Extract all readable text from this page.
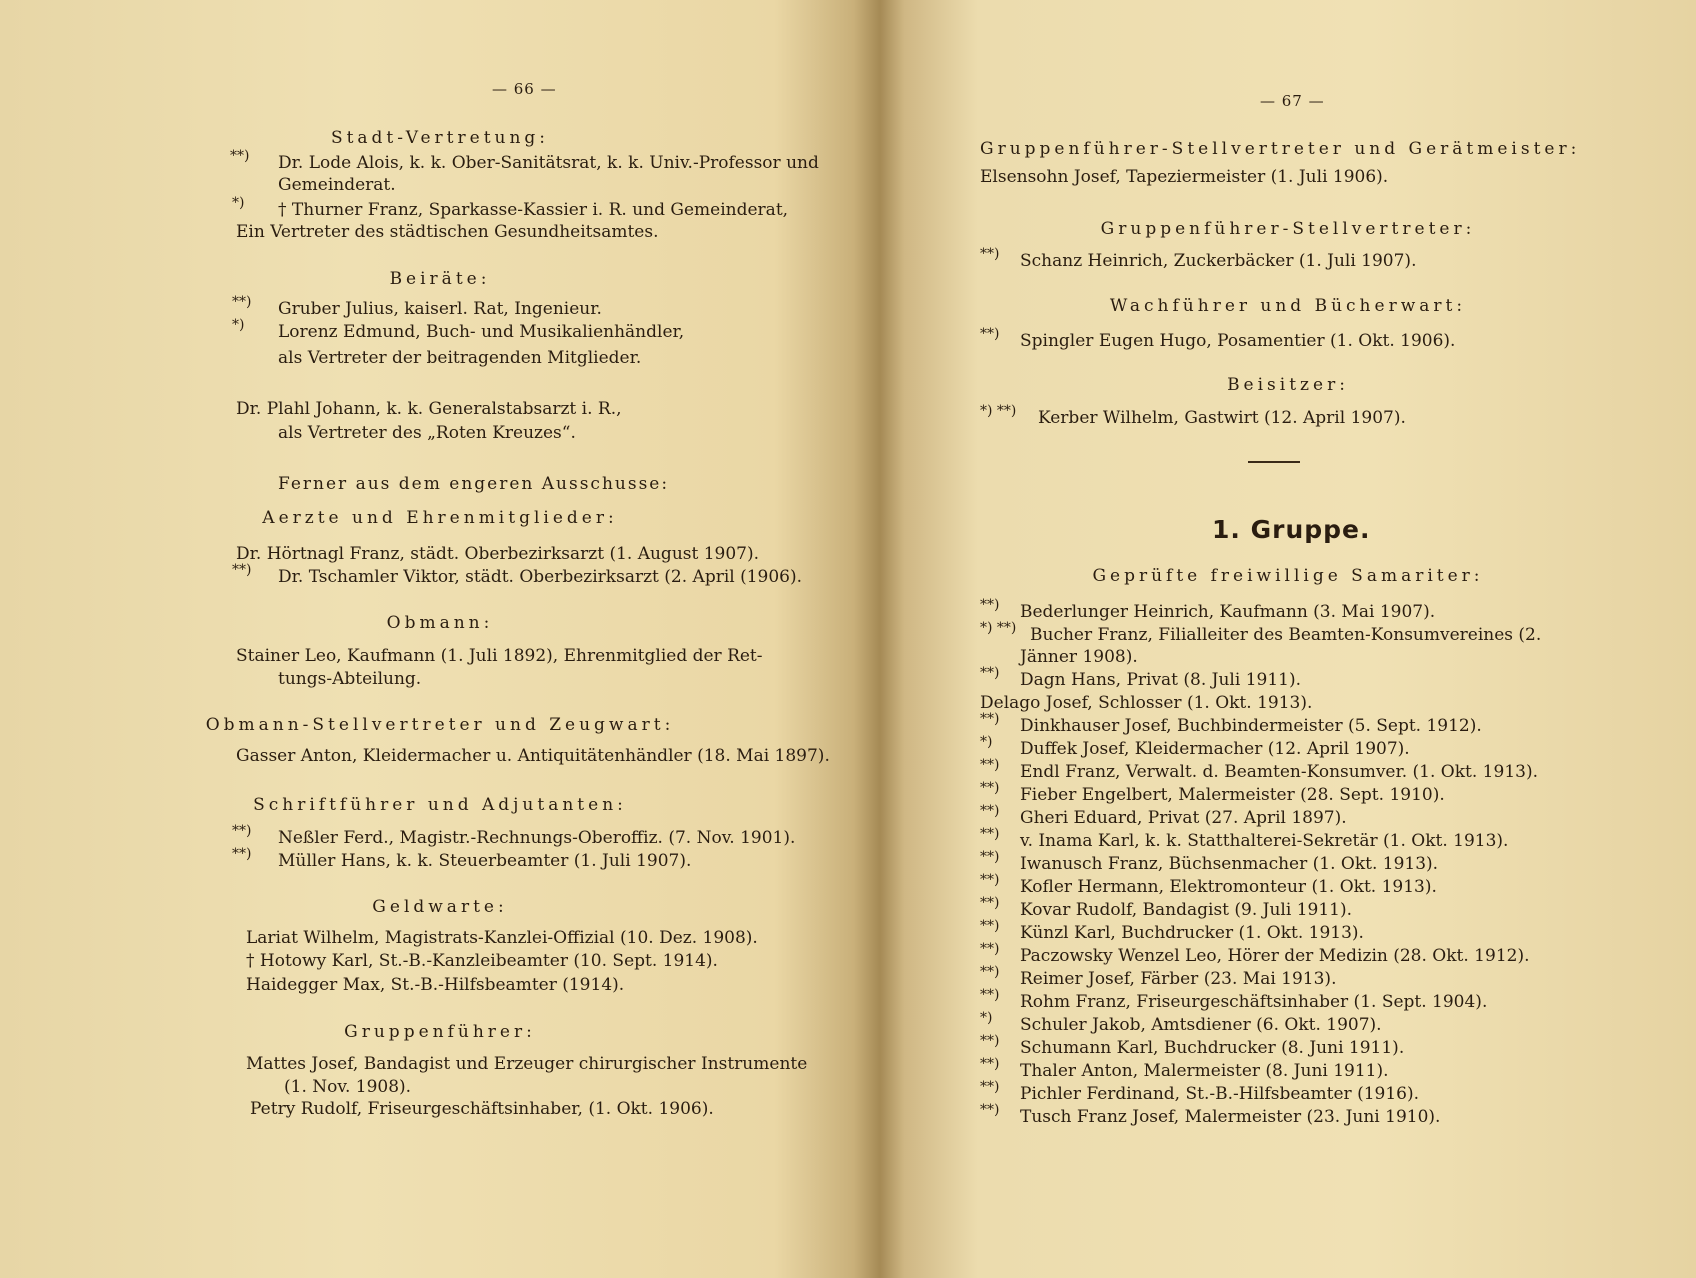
— 66 —
Stadt-Vertretung:
**) Dr. Lode Alois, k. k. Ober-Sanitätsrat, k. k. Univ.-Professor und
Gemeinderat.
*) † Thurner Franz, Sparkasse-Kassier i. R. und Gemeinderat,
Ein Vertreter des städtischen Gesundheitsamtes.
Beiräte:
**) Gruber Julius, kaiserl. Rat, Ingenieur.
*) Lorenz Edmund, Buch- und Musikalienhändler,
als Vertreter der beitragenden Mitglieder.
Dr. Plahl Johann, k. k. Generalstabsarzt i. R.,
als Vertreter des „Roten Kreuzes“.
Ferner aus dem engeren Ausschusse:
Aerzte und Ehrenmitglieder:
Dr. Hörtnagl Franz, städt. Oberbezirksarzt (1. August 1907).
**) Dr. Tschamler Viktor, städt. Oberbezirksarzt (2. April (1906).
Obmann:
Stainer Leo, Kaufmann (1. Juli 1892), Ehrenmitglied der Ret-
tungs-Abteilung.
Obmann-Stellvertreter und Zeugwart:
Gasser Anton, Kleidermacher u. Antiquitätenhändler (18. Mai 1897).
Schriftführer und Adjutanten:
**) Neßler Ferd., Magistr.-Rechnungs-Oberoffiz. (7. Nov. 1901).
**) Müller Hans, k. k. Steuerbeamter (1. Juli 1907).
Geldwarte:
Lariat Wilhelm, Magistrats-Kanzlei-Offizial (10. Dez. 1908).
† Hotowy Karl, St.-B.-Kanzleibeamter (10. Sept. 1914).
Haidegger Max, St.-B.-Hilfsbeamter (1914).
Gruppenführer:
Mattes Josef, Bandagist und Erzeuger chirurgischer Instrumente
(1. Nov. 1908).
Petry Rudolf, Friseurgeschäftsinhaber, (1. Okt. 1906).
— 67 —
Gruppenführer-Stellvertreter und Gerätmeister:
Elsensohn Josef, Tapeziermeister (1. Juli 1906).
Gruppenführer-Stellvertreter:
**) Schanz Heinrich, Zuckerbäcker (1. Juli 1907).
Wachführer und Bücherwart:
**) Spingler Eugen Hugo, Posamentier (1. Okt. 1906).
Beisitzer:
*) **) Kerber Wilhelm, Gastwirt (12. April 1907).
1. Gruppe.
Geprüfte freiwillige Samariter:
**) Bederlunger Heinrich, Kaufmann (3. Mai 1907).
*) **) Bucher Franz, Filialleiter des Beamten-Konsumvereines (2.
Jänner 1908).
**) Dagn Hans, Privat (8. Juli 1911).
Delago Josef, Schlosser (1. Okt. 1913).
**) Dinkhauser Josef, Buchbindermeister (5. Sept. 1912).
*) Duffek Josef, Kleidermacher (12. April 1907).
**) Endl Franz, Verwalt. d. Beamten-Konsumver. (1. Okt. 1913).
**) Fieber Engelbert, Malermeister (28. Sept. 1910).
**) Gheri Eduard, Privat (27. April 1897).
**) v. Inama Karl, k. k. Statthalterei-Sekretär (1. Okt. 1913).
**) Iwanusch Franz, Büchsenmacher (1. Okt. 1913).
**) Kofler Hermann, Elektromonteur (1. Okt. 1913).
**) Kovar Rudolf, Bandagist (9. Juli 1911).
**) Künzl Karl, Buchdrucker (1. Okt. 1913).
**) Paczowsky Wenzel Leo, Hörer der Medizin (28. Okt. 1912).
**) Reimer Josef, Färber (23. Mai 1913).
**) Rohm Franz, Friseurgeschäftsinhaber (1. Sept. 1904).
*) Schuler Jakob, Amtsdiener (6. Okt. 1907).
**) Schumann Karl, Buchdrucker (8. Juni 1911).
**) Thaler Anton, Malermeister (8. Juni 1911).
**) Pichler Ferdinand, St.-B.-Hilfsbeamter (1916).
**) Tusch Franz Josef, Malermeister (23. Juni 1910).
